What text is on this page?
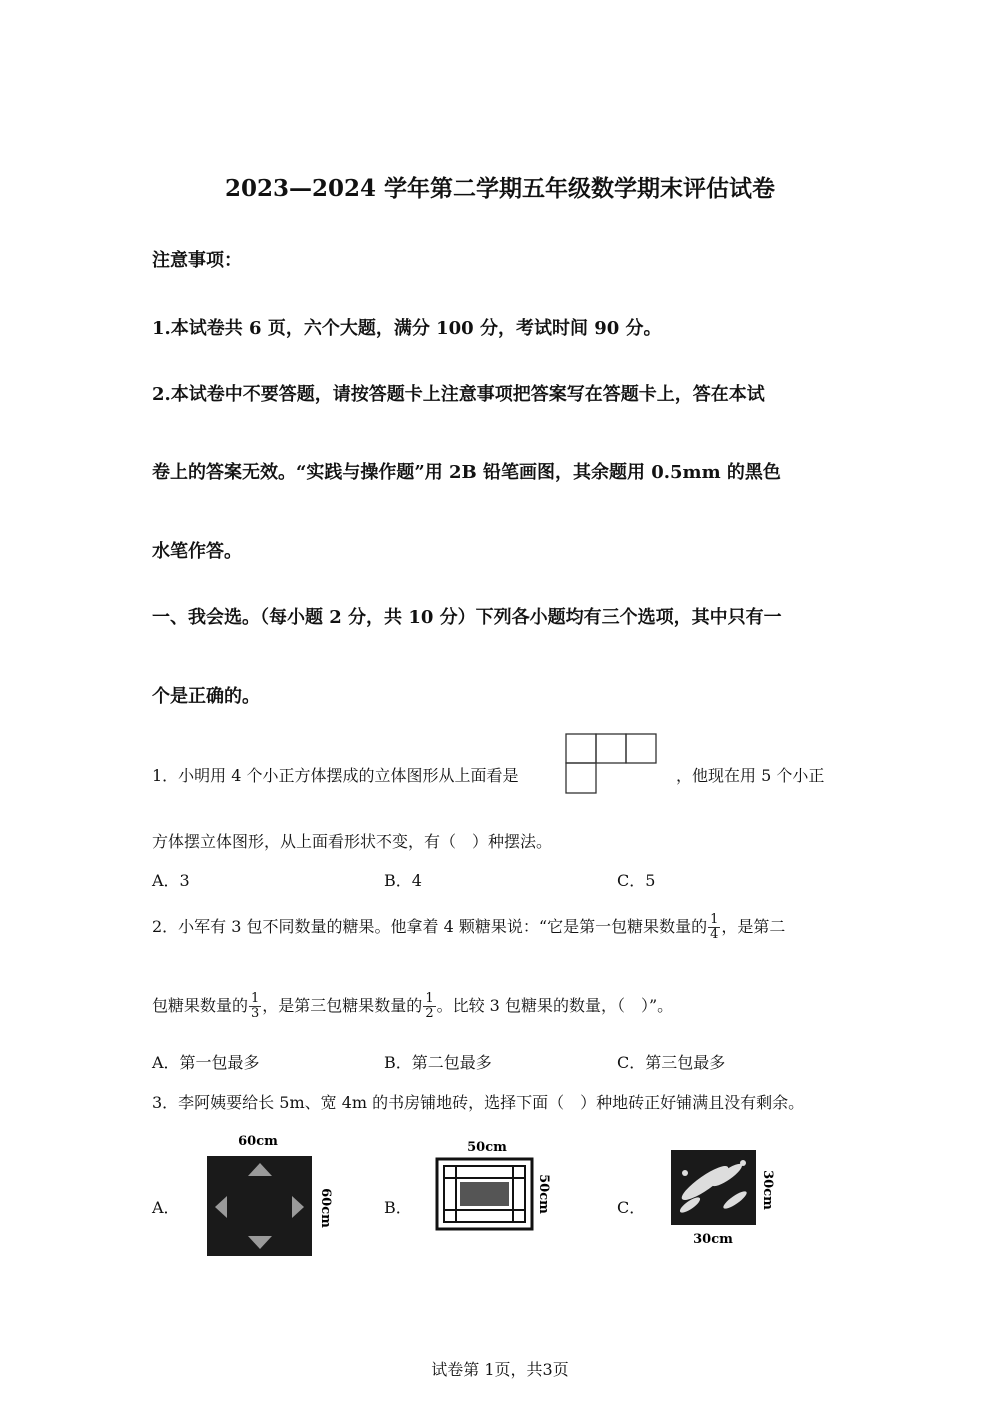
2023—2024 学年第二学期五年级数学期末评估试卷
注意事项：
1.本试卷共 6 页，六个大题，满分 100 分，考试时间 90 分。
2.本试卷中不要答题，请按答题卡上注意事项把答案写在答题卡上，答在本试
卷上的答案无效。“实践与操作题”用 2B 铅笔画图，其余题用 0.5mm 的黑色
水笔作答。
一、我会选。（每小题 2 分，共 10 分）下列各小题均有三个选项，其中只有一
个是正确的。
1．小明用 4 个小正方体摆成的立体图形从上面看是	，他现在用 5 个小正
方体摆立体图形，从上面看形状不变，有（　）种摆法。
A．3	B．4	C．5
2．小军有 3 包不同数量的糖果。他拿着 4 颗糖果说：“它是第一包糖果数量的 $\frac{1}{4}$ ，是第二
包糖果数量的 $\frac{1}{3}$ ，是第三包糖果数量的 $\frac{1}{2}$ 。比较 3 包糖果的数量，（　）”。
A．第一包最多	B．第二包最多	C．第三包最多
3．李阿姨要给长 5m、宽 4m 的书房铺地砖，选择下面（　）种地砖正好铺满且没有剩余。
A．
60cm
60cm	B．
50cm
50cm	C．
30cm
30cm
试卷第 1页，共3页
